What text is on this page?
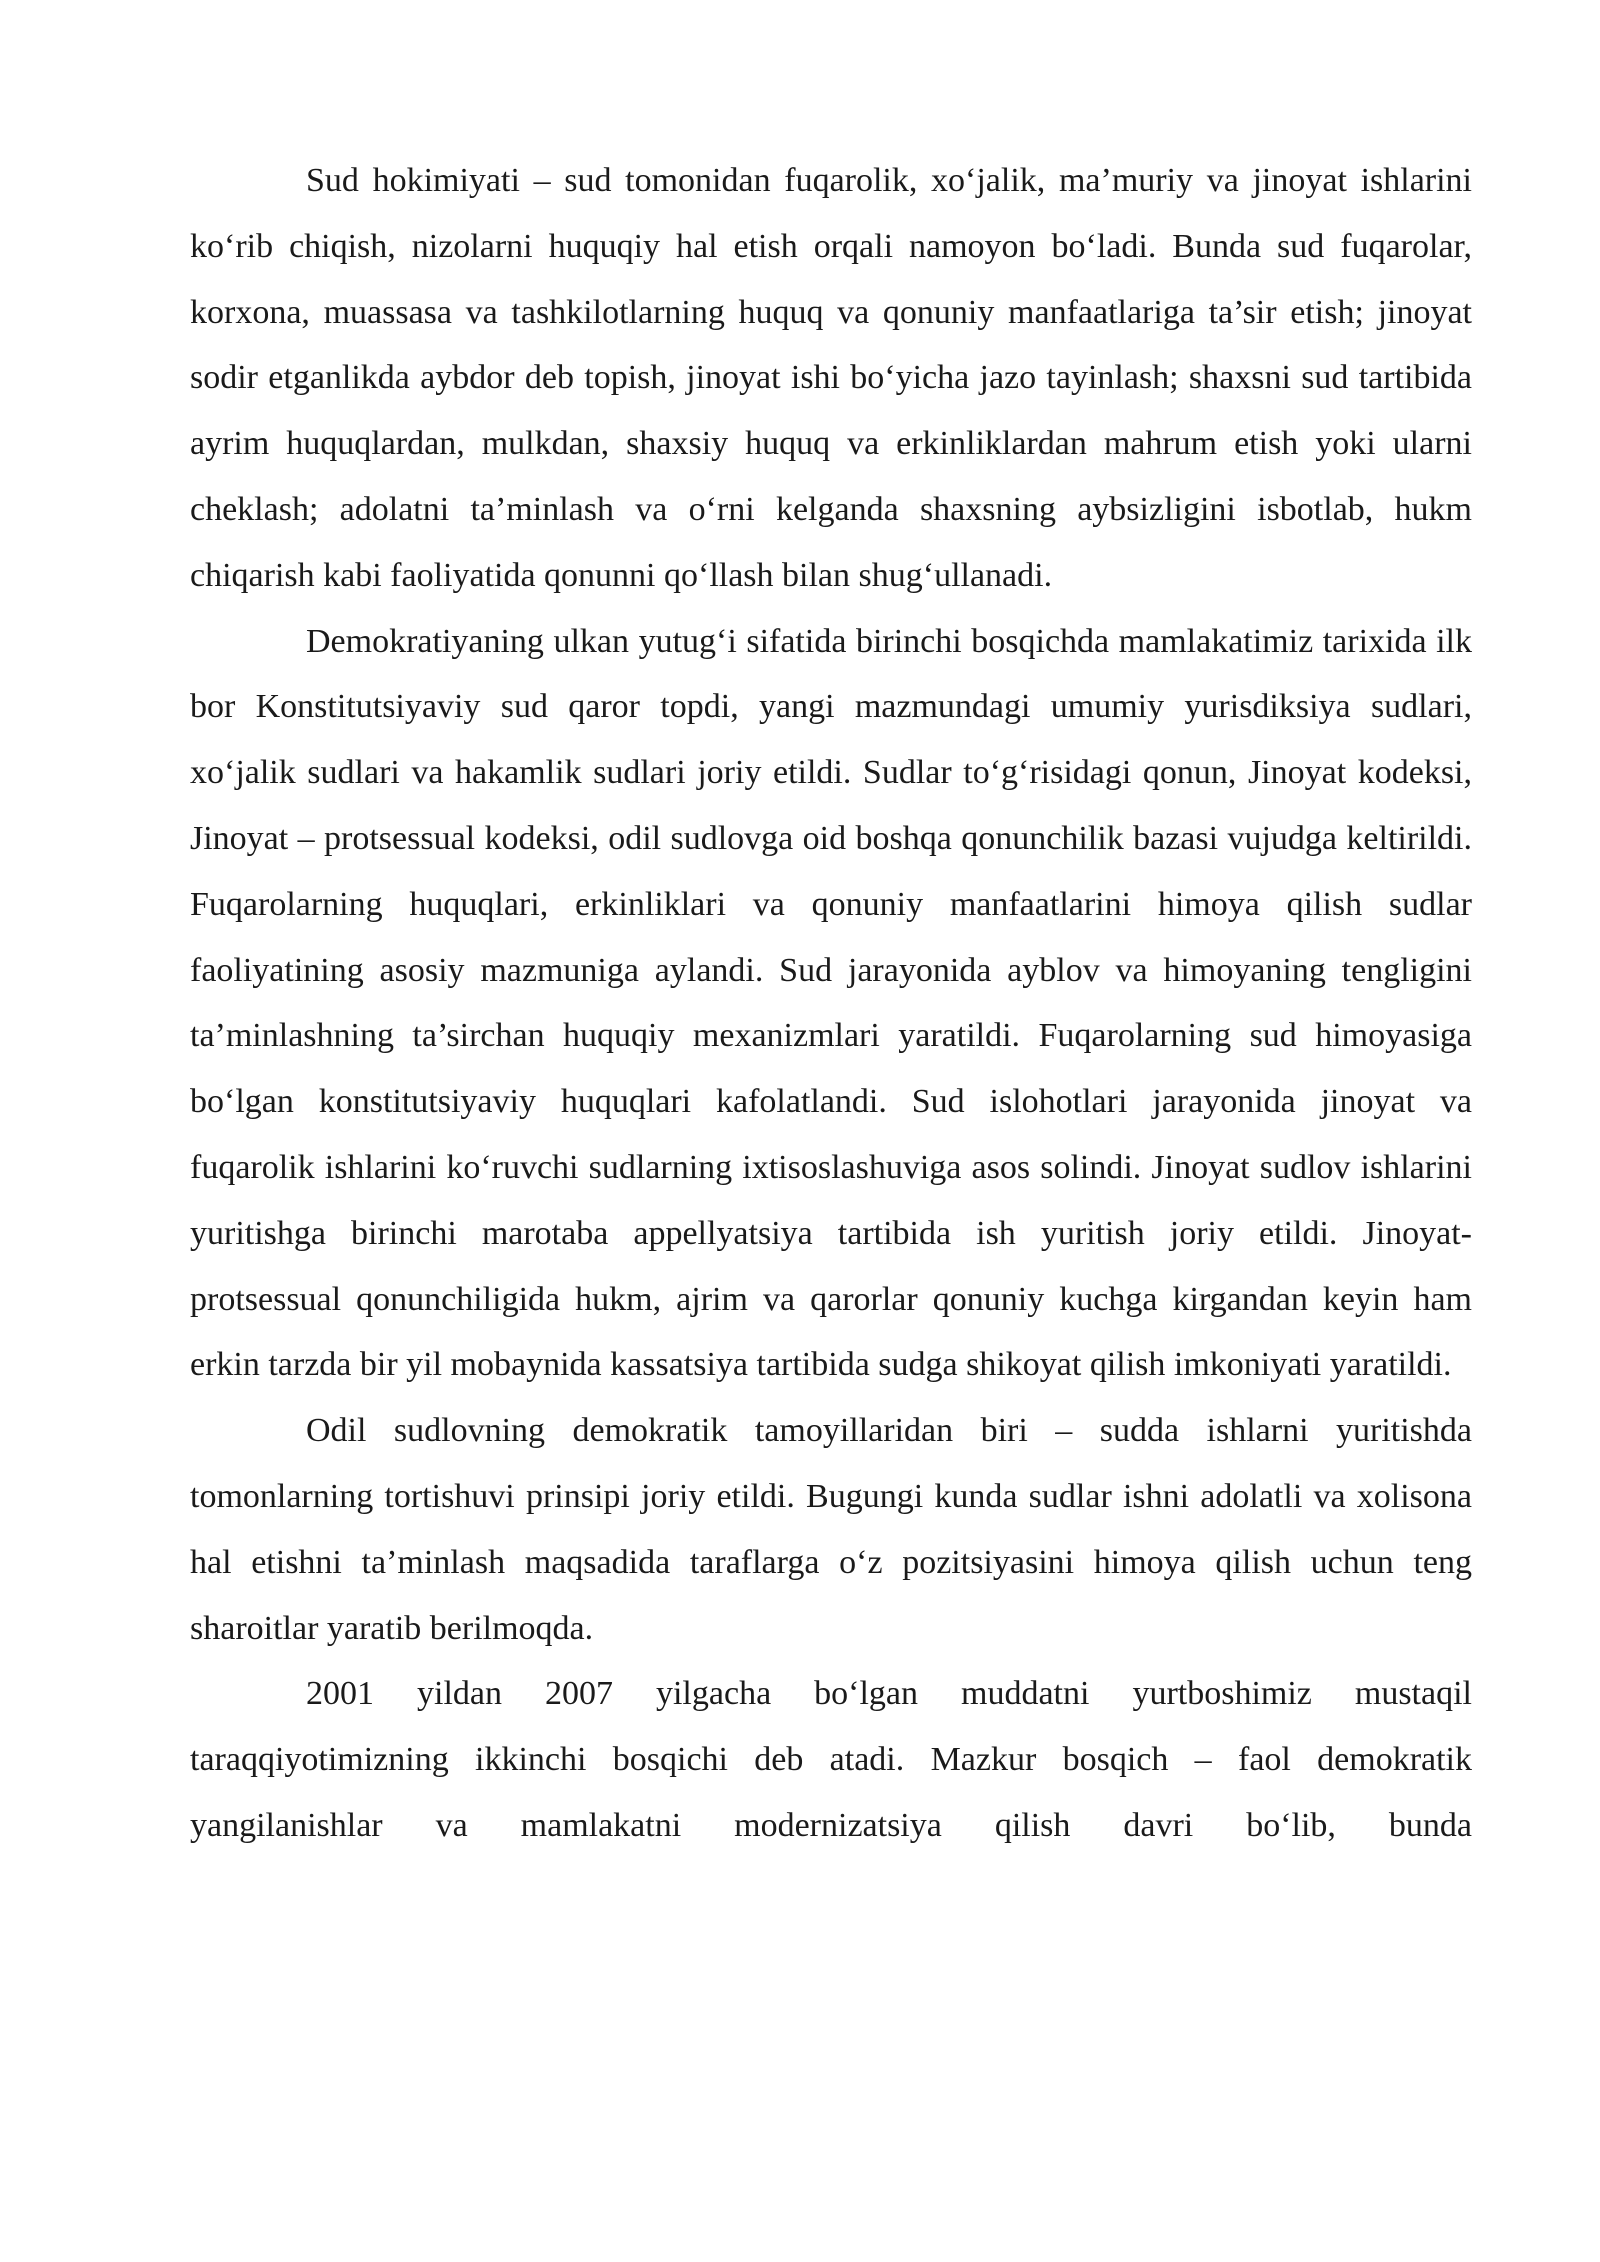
Sud hokimiyati – sud tomonidan fuqarolik, xo‘jalik, ma’muriy va jinoyat ishlarini ko‘rib chiqish, nizolarni huquqiy hal etish orqali namoyon bo‘ladi. Bunda sud fuqarolar, korxona, muassasa va tashkilotlarning huquq va qonuniy manfaatlariga ta’sir etish; jinoyat sodir etganlikda aybdor deb topish, jinoyat ishi bo‘yicha jazo tayinlash; shaxsni sud tartibida ayrim huquqlardan, mulkdan, shaxsiy huquq va erkinliklardan mahrum etish yoki ularni cheklash; adolatni ta’minlash va o‘rni kelganda shaxsning aybsizligini isbotlab, hukm chiqarish kabi faoliyatida qonunni qo‘llash bilan shug‘ullanadi.

Demokratiyaning ulkan yutug‘i sifatida birinchi bosqichda mamlakatimiz tarixida ilk bor Konstitutsiyaviy sud qaror topdi, yangi mazmundagi umumiy yurisdiksiya sudlari, xo‘jalik sudlari va hakamlik sudlari joriy etildi. Sudlar to‘g‘risidagi qonun, Jinoyat kodeksi, Jinoyat – protsessual kodeksi, odil sudlovga oid boshqa qonunchilik bazasi vujudga keltirildi. Fuqarolarning huquqlari, erkinliklari va qonuniy manfaatlarini himoya qilish sudlar faoliyatining asosiy mazmuniga aylandi. Sud jarayonida ayblov va himoyaning tengligini ta’minlashning ta’sirchan huquqiy mexanizmlari yaratildi. Fuqarolarning sud himoyasiga bo‘lgan konstitutsiyaviy huquqlari kafolatlandi. Sud islohotlari jarayonida jinoyat va fuqarolik ishlarini ko‘ruvchi sudlarning ixtisoslashuviga asos solindi. Jinoyat sudlov ishlarini yuritishga birinchi marotaba appellyatsiya tartibida ish yuritish joriy etildi. Jinoyat-protsessual qonunchiligida hukm, ajrim va qarorlar qonuniy kuchga kirgandan keyin ham erkin tarzda bir yil mobaynida kassatsiya tartibida sudga shikoyat qilish imkoniyati yaratildi.

Odil sudlovning demokratik tamoyillaridan biri – sudda ishlarni yuritishda tomonlarning tortishuvi prinsipi joriy etildi. Bugungi kunda sudlar ishni adolatli va xolisona hal etishni ta’minlash maqsadida taraflarga o‘z pozitsiyasini himoya qilish uchun teng sharoitlar yaratib berilmoqda.

2001 yildan 2007 yilgacha bo‘lgan muddatni yurtboshimiz mustaqil taraqqiyotimizning ikkinchi bosqichi deb atadi. Mazkur bosqich – faol demokratik yangilanishlar va mamlakatni modernizatsiya qilish davri bo‘lib, bunda
